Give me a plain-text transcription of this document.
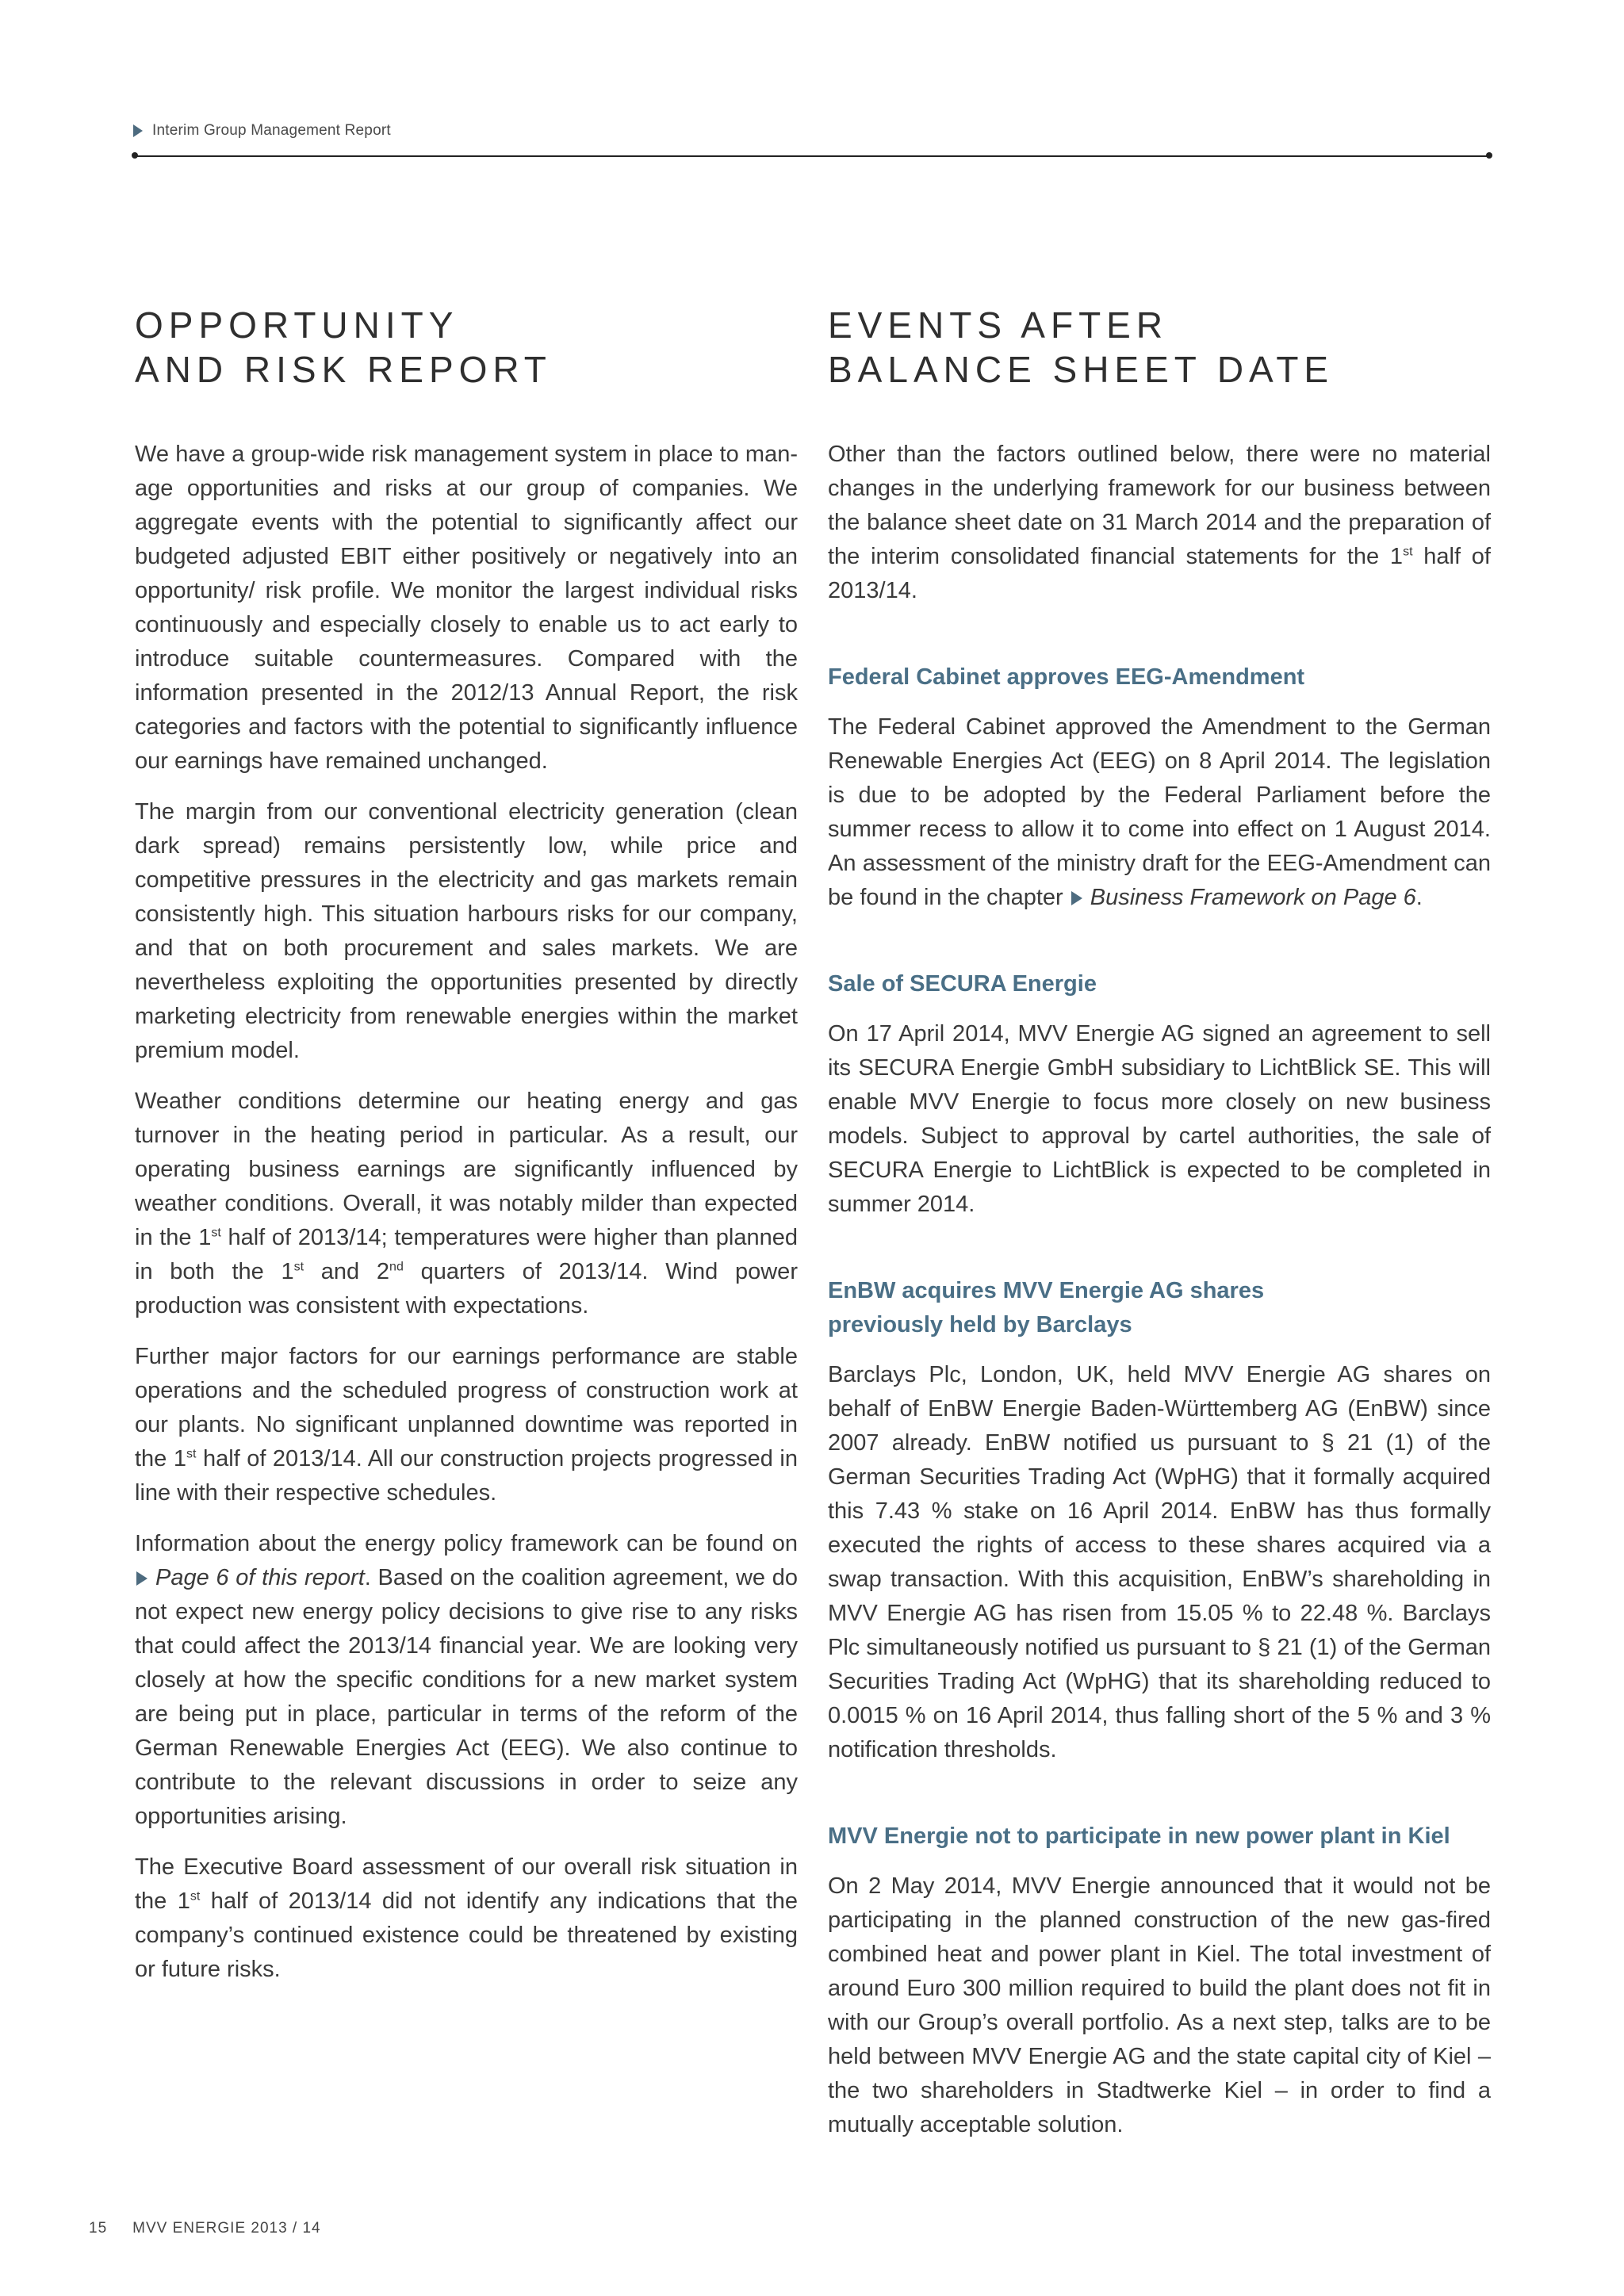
Interim Group Management Report
OPPORTUNITY
AND RISK REPORT

We have a group-wide risk management system in place to manage opportunities and risks at our group of companies. We aggregate events with the potential to significantly affect our budgeted adjusted EBIT either positively or negatively into an opportunity/ risk profile. We monitor the largest individual risks continuously and especially closely to enable us to act early to introduce suitable countermeasures. Compared with the information presented in the 2012/13 Annual Report, the risk categories and factors with the potential to significantly influence our earnings have remained unchanged.

The margin from our conventional electricity generation (clean dark spread) remains persistently low, while price and competitive pressures in the electricity and gas markets remain consistently high. This situation harbours risks for our company, and that on both procurement and sales markets. We are nevertheless exploiting the opportunities presented by directly marketing electricity from renewable energies within the market premium model.

Weather conditions determine our heating energy and gas turnover in the heating period in particular. As a result, our operating business earnings are significantly influenced by weather conditions. Overall, it was notably milder than expected in the 1st half of 2013/14; temperatures were higher than planned in both the 1st and 2nd quarters of 2013/14. Wind power production was consistent with expectations.

Further major factors for our earnings performance are stable operations and the scheduled progress of construction work at our plants. No significant unplanned downtime was reported in the 1st half of 2013/14. All our construction projects progressed in line with their respective schedules.

Information about the energy policy framework can be found on Page 6 of this report. Based on the coalition agreement, we do not expect new energy policy decisions to give rise to any risks that could affect the 2013/14 financial year. We are looking very closely at how the specific conditions for a new market system are being put in place, particular in terms of the reform of the German Renewable Energies Act (EEG). We also continue to contribute to the relevant discussions in order to seize any opportunities arising.

The Executive Board assessment of our overall risk situation in the 1st half of 2013/14 did not identify any indications that the company’s continued existence could be threatened by existing or future risks.

EVENTS AFTER
BALANCE SHEET DATE

Other than the factors outlined below, there were no material changes in the underlying framework for our business between the balance sheet date on 31 March 2014 and the preparation of the interim consolidated financial statements for the 1st half of 2013/14.

Federal Cabinet approves EEG-Amendment

The Federal Cabinet approved the Amendment to the German Renewable Energies Act (EEG) on 8 April 2014. The legislation is due to be adopted by the Federal Parliament before the summer recess to allow it to come into effect on 1 August 2014. An assessment of the ministry draft for the EEG-Amendment can be found in the chapter Business Framework on Page 6.

Sale of SECURA Energie

On 17 April 2014, MVV Energie AG signed an agreement to sell its SECURA Energie GmbH subsidiary to LichtBlick SE. This will enable MVV Energie to focus more closely on new business models. Subject to approval by cartel authorities, the sale of SECURA Energie to LichtBlick is expected to be completed in summer 2014.

EnBW acquires MVV Energie AG shares
previously held by Barclays

Barclays Plc, London, UK, held MVV Energie AG shares on behalf of EnBW Energie Baden-Württemberg AG (EnBW) since 2007 already. EnBW notified us pursuant to § 21 (1) of the German Securities Trading Act (WpHG) that it formally acquired this 7.43 % stake on 16 April 2014. EnBW has thus formally executed the rights of access to these shares acquired via a swap transaction. With this acquisition, EnBW’s shareholding in MVV Energie AG has risen from 15.05 % to 22.48 %. Barclays Plc simultaneously notified us pursuant to § 21 (1) of the German Securities Trading Act (WpHG) that its shareholding reduced to 0.0015 % on 16 April 2014, thus falling short of the 5 % and 3 % notification thresholds.

MVV Energie not to participate in new power plant in Kiel

On 2 May 2014, MVV Energie announced that it would not be participating in the planned construction of the new gas-fired combined heat and power plant in Kiel. The total investment of around Euro 300 million required to build the plant does not fit in with our Group’s overall portfolio. As a next step, talks are to be held between MVV Energie AG and the state capital city of Kiel – the two shareholders in Stadtwerke Kiel – in order to find a mutually acceptable solution.

15 MVV ENERGIE 2013 / 14
